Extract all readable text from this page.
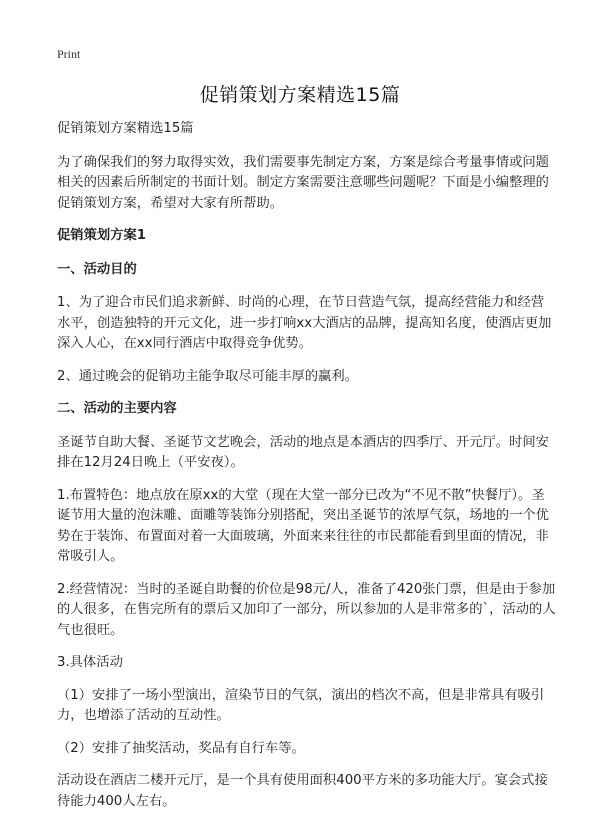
Print
促销策划方案精选15篇

促销策划方案精选15篇

为了确保我们的努力取得实效，我们需要事先制定方案，方案是综合考量事情或问题相关的因素后所制定的书面计划。制定方案需要注意哪些问题呢？下面是小编整理的促销策划方案，希望对大家有所帮助。

促销策划方案1

一、活动目的

1、为了迎合市民们追求新鲜、时尚的心理，在节日营造气氛，提高经营能力和经营水平，创造独特的开元文化，进一步打响xx大酒店的品牌，提高知名度，使酒店更加深入人心，在xx同行酒店中取得竞争优势。

2、通过晚会的促销功主能争取尽可能丰厚的赢利。

二、活动的主要内容

圣诞节自助大餐、圣诞节文艺晚会，活动的地点是本酒店的四季厅、开元厅。时间安排在12月24日晚上（平安夜）。

1.布置特色：地点放在原xx的大堂（现在大堂一部分已改为“不见不散”快餐厅）。圣诞节用大量的泡沫雕、面雕等装饰分别搭配，突出圣诞节的浓厚气氛，场地的一个优势在于装饰、布置面对着一大面玻璃，外面来来往往的市民都能看到里面的情况，非常吸引人。

2.经营情况：当时的圣诞自助餐的价位是98元/人，准备了420张门票，但是由于参加的人很多，在售完所有的票后又加印了一部分，所以参加的人是非常多的`，活动的人气也很旺。

3.具体活动

（1）安排了一场小型演出，渲染节日的气氛，演出的档次不高，但是非常具有吸引力，也增添了活动的互动性。

（2）安排了抽奖活动，奖品有自行车等。

活动设在酒店二楼开元厅，是一个具有使用面积400平方米的多功能大厅。宴会式接待能力400人左右。
